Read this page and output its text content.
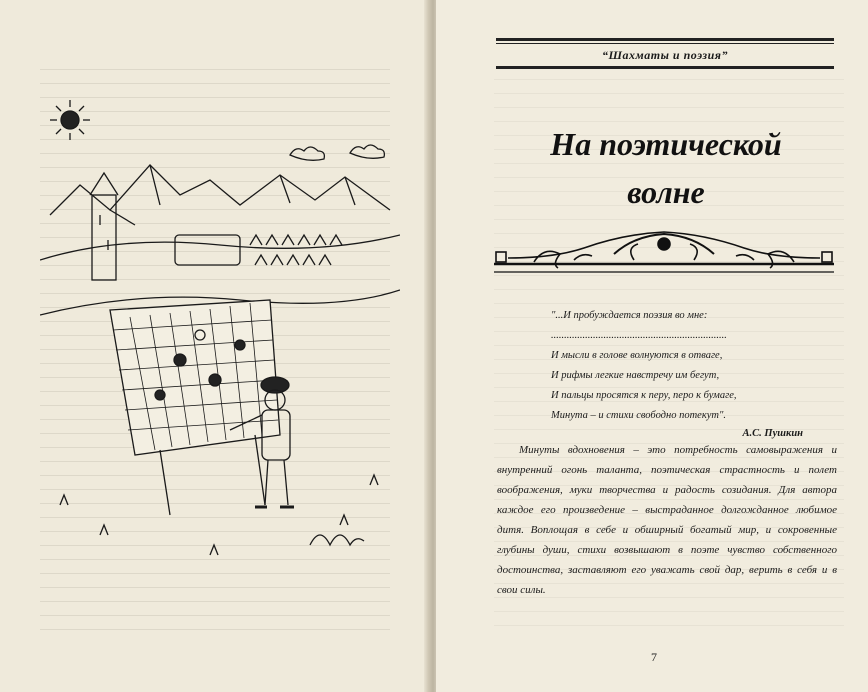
“Шахматы и поэзия”
На поэтической
волне
"...И пробуждается поэзия во мне:
...................................................................
И мысли в голове волнуются в отваге,
И рифмы легкие навстречу им бегут,
И пальцы просятся к перу, перо к бумаге,
Минута – и стихи свободно потекут".
А.С. Пушкин
Минуты вдохновения – это потребность самовыражения и внутренний огонь таланта, поэтическая страстность и полет воображения, муки творчества и радость созидания. Для автора каждое его произведение – выстраданное долгожданное любимое дитя. Воплощая в себе и обширный богатый мир, и сокровенные глубины души, стихи возвышают в поэте чувство собственного достоинства, заставляют его уважать свой дар, верить в себя и в свои силы.
7
